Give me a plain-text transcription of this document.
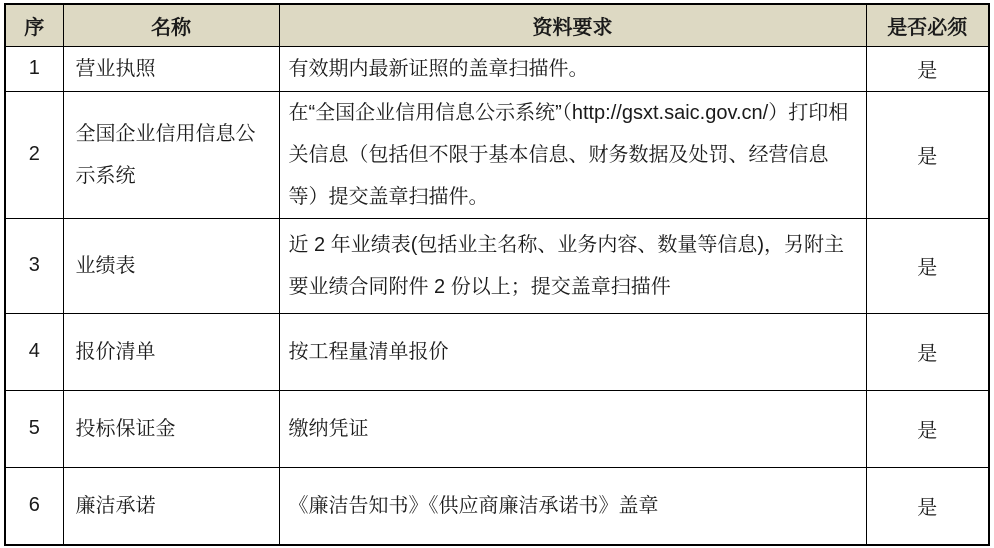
序	名称	资料要求	是否必须
1	营业执照	有效期内最新证照的盖章扫描件。	是
2	全国企业信用信息公示系统	在“全国企业信用信息公示系统”（http://gsxt.saic.gov.cn/）打印相关信息（包括但不限于基本信息、财务数据及处罚、经营信息等）提交盖章扫描件。	是
3	业绩表	近 2 年业绩表(包括业主名称、业务内容、数量等信息)，另附主要业绩合同附件 2 份以上；提交盖章扫描件	是
4	报价清单	按工程量清单报价	是
5	投标保证金	缴纳凭证	是
6	廉洁承诺	《廉洁告知书》《供应商廉洁承诺书》盖章	是
